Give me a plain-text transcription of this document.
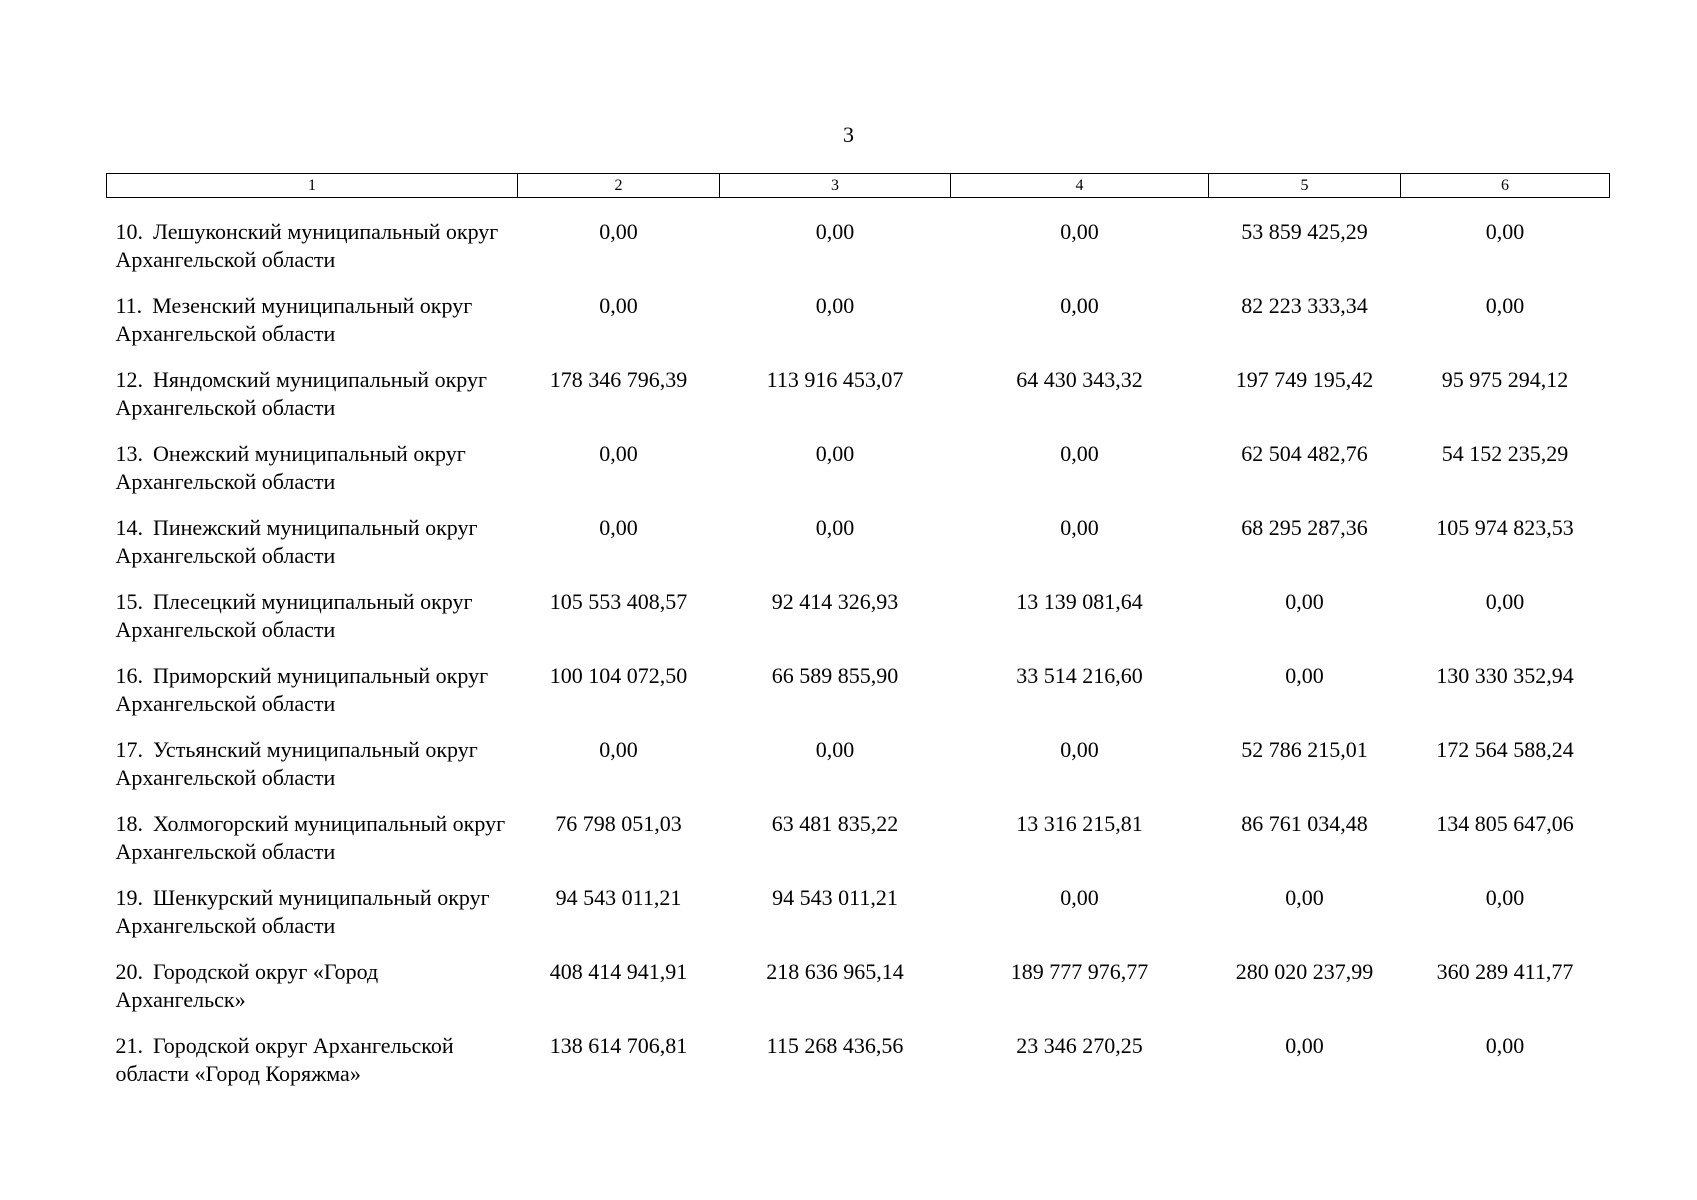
3
1	2	3	4	5	6
10. Лешуконский муниципальный округ Архангельской области	0,00	0,00	0,00	53 859 425,29	0,00
11. Мезенский муниципальный округ Архангельской области	0,00	0,00	0,00	82 223 333,34	0,00
12. Няндомский муниципальный округ Архангельской области	178 346 796,39	113 916 453,07	64 430 343,32	197 749 195,42	95 975 294,12
13. Онежский муниципальный округ Архангельской области	0,00	0,00	0,00	62 504 482,76	54 152 235,29
14. Пинежский муниципальный округ Архангельской области	0,00	0,00	0,00	68 295 287,36	105 974 823,53
15. Плесецкий муниципальный округ Архангельской области	105 553 408,57	92 414 326,93	13 139 081,64	0,00	0,00
16. Приморский муниципальный округ Архангельской области	100 104 072,50	66 589 855,90	33 514 216,60	0,00	130 330 352,94
17. Устьянский муниципальный округ Архангельской области	0,00	0,00	0,00	52 786 215,01	172 564 588,24
18. Холмогорский муниципальный округ Архангельской области	76 798 051,03	63 481 835,22	13 316 215,81	86 761 034,48	134 805 647,06
19. Шенкурский муниципальный округ Архангельской области	94 543 011,21	94 543 011,21	0,00	0,00	0,00
20. Городской округ «Город Архангельск»	408 414 941,91	218 636 965,14	189 777 976,77	280 020 237,99	360 289 411,77
21. Городской округ Архангельской области «Город Коряжма»	138 614 706,81	115 268 436,56	23 346 270,25	0,00	0,00
